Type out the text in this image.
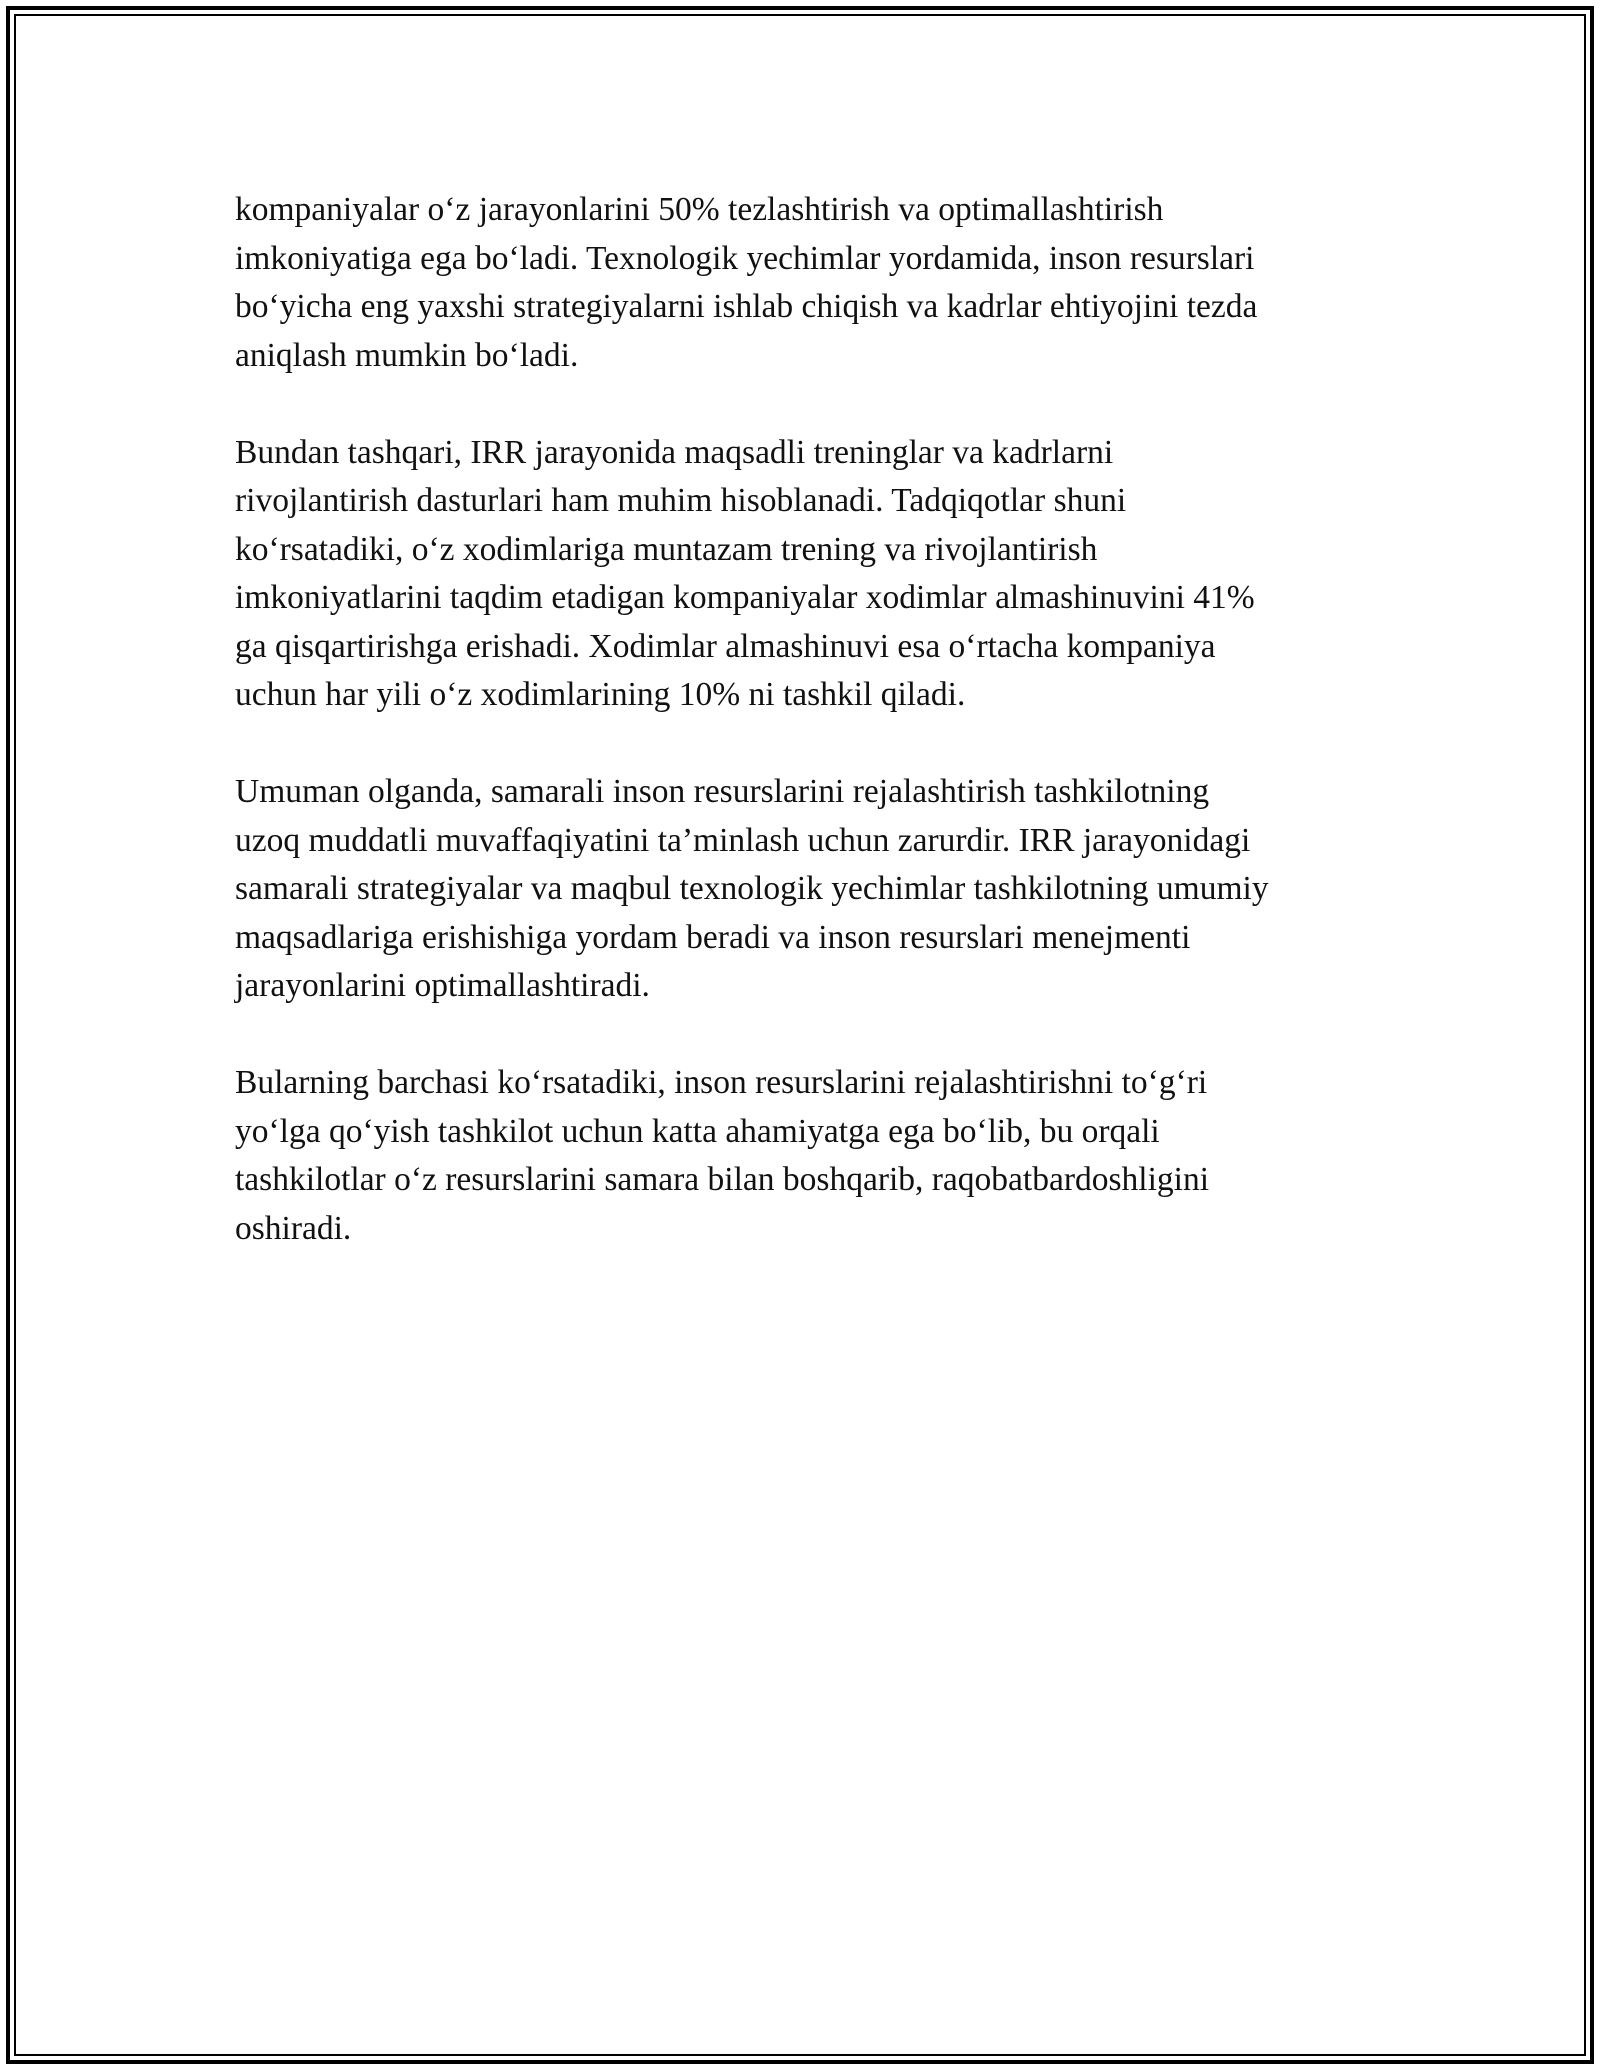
kompaniyalar o‘z jarayonlarini 50% tezlashtirish va optimallashtirish
imkoniyatiga ega bo‘ladi. Texnologik yechimlar yordamida, inson resurslari
bo‘yicha eng yaxshi strategiyalarni ishlab chiqish va kadrlar ehtiyojini tezda
aniqlash mumkin bo‘ladi.

Bundan tashqari, IRR jarayonida maqsadli treninglar va kadrlarni
rivojlantirish dasturlari ham muhim hisoblanadi. Tadqiqotlar shuni
ko‘rsatadiki, o‘z xodimlariga muntazam trening va rivojlantirish
imkoniyatlarini taqdim etadigan kompaniyalar xodimlar almashinuvini 41%
ga qisqartirishga erishadi. Xodimlar almashinuvi esa o‘rtacha kompaniya
uchun har yili o‘z xodimlarining 10% ni tashkil qiladi.

Umuman olganda, samarali inson resurslarini rejalashtirish tashkilotning
uzoq muddatli muvaffaqiyatini ta’minlash uchun zarurdir. IRR jarayonidagi
samarali strategiyalar va maqbul texnologik yechimlar tashkilotning umumiy
maqsadlariga erishishiga yordam beradi va inson resurslari menejmenti
jarayonlarini optimallashtiradi.

Bularning barchasi ko‘rsatadiki, inson resurslarini rejalashtirishni to‘g‘ri
yo‘lga qo‘yish tashkilot uchun katta ahamiyatga ega bo‘lib, bu orqali
tashkilotlar o‘z resurslarini samara bilan boshqarib, raqobatbardoshligini
oshiradi.
